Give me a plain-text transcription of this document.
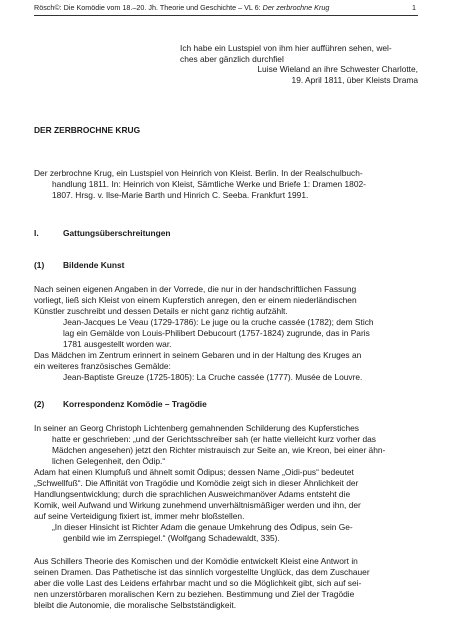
Rösch©: Die Komödie vom 18.–20. Jh. Theorie und Geschichte – VL 6: Der zerbrochne Krug	1
Ich habe ein Lustspiel von ihm hier aufführen sehen, wel-
ches aber gänzlich durchfiel
Luise Wieland an ihre Schwester Charlotte,
19. April 1811, über Kleists Drama
DER ZERBROCHNE KRUG
Der zerbrochne Krug, ein Lustspiel von Heinrich von Kleist. Berlin. In der Realschulbuch-
handlung 1811. In: Heinrich von Kleist, Sämtliche Werke und Briefe 1: Dramen 1802-
1807. Hrsg. v. Ilse-Marie Barth und Hinrich C. Seeba. Frankfurt 1991.
I.	Gattungsüberschreitungen
(1) Bildende Kunst
Nach seinen eigenen Angaben in der Vorrede, die nur in der handschriftlichen Fassung
vorliegt, ließ sich Kleist von einem Kupferstich anregen, den er einem niederländischen
Künstler zuschreibt und dessen Details er nicht ganz richtig aufzählt.
Jean-Jacques Le Veau (1729-1786): Le juge ou la cruche cassée (1782); dem Stich
lag ein Gemälde von Louis-Philibert Debucourt (1757-1824) zugrunde, das in Paris
1781 ausgestellt worden war.
Das Mädchen im Zentrum erinnert in seinem Gebaren und in der Haltung des Kruges an
ein weiteres französisches Gemälde:
Jean-Baptiste Greuze (1725-1805): La Cruche cassée (1777). Musée de Louvre.
(2) Korrespondenz Komödie – Tragödie
In seiner an Georg Christoph Lichtenberg gemahnenden Schilderung des Kupferstiches
hatte er geschrieben: „und der Gerichtsschreiber sah (er hatte vielleicht kurz vorher das
Mädchen angesehen) jetzt den Richter mistrauisch zur Seite an, wie Kreon, bei einer ähn-
lichen Gelegenheit, den Ödip.“
Adam hat einen Klumpfuß und ähnelt somit Ödipus; dessen Name „Oidi-pus“ bedeutet
„Schwellfuß“. Die Affinität von Tragödie und Komödie zeigt sich in dieser Ähnlichkeit der
Handlungsentwicklung; durch die sprachlichen Ausweichmanöver Adams entsteht die
Komik, weil Aufwand und Wirkung zunehmend unverhältnismäßiger werden und ihn, der
auf seine Verteidigung fixiert ist, immer mehr bloßstellen.
„In dieser Hinsicht ist Richter Adam die genaue Umkehrung des Ödipus, sein Ge-
genbild wie im Zerrspiegel.“ (Wolfgang Schadewaldt, 335).
Aus Schillers Theorie des Komischen und der Komödie entwickelt Kleist eine Antwort in
seinen Dramen. Das Pathetische ist das sinnlich vorgestellte Unglück, das dem Zuschauer
aber die volle Last des Leidens erfahrbar macht und so die Möglichkeit gibt, sich auf sei-
nen unzerstörbaren moralischen Kern zu beziehen. Bestimmung und Ziel der Tragödie
bleibt die Autonomie, die moralische Selbstständigkeit.
